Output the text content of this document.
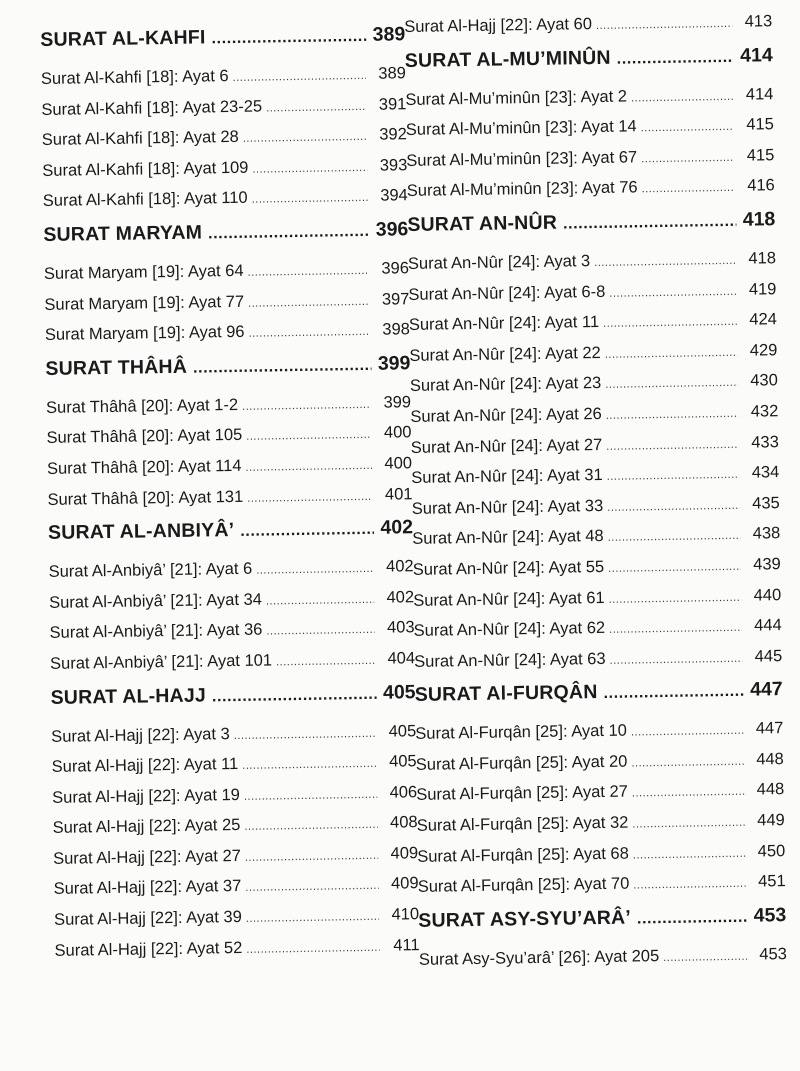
SURAT AL-KAHFI .....	389
Surat Al-Kahfi [18]: Ayat 6 .....	389
Surat Al-Kahfi [18]: Ayat 23-25 .....	391
Surat Al-Kahfi [18]: Ayat 28 .....	392
Surat Al-Kahfi [18]: Ayat 109 .....	393
Surat Al-Kahfi [18]: Ayat 110 .....	394
SURAT MARYAM .....	396
Surat Maryam [19]: Ayat 64 .....	396
Surat Maryam [19]: Ayat 77 .....	397
Surat Maryam [19]: Ayat 96 .....	398
SURAT THÂHÂ .....	399
Surat Thâhâ [20]: Ayat 1-2 .....	399
Surat Thâhâ [20]: Ayat 105 .....	400
Surat Thâhâ [20]: Ayat 114 .....	400
Surat Thâhâ [20]: Ayat 131 .....	401
SURAT AL-ANBIYÂ’ .....	402
Surat Al-Anbiyâ’ [21]: Ayat 6 .....	402
Surat Al-Anbiyâ’ [21]: Ayat 34 .....	402
Surat Al-Anbiyâ’ [21]: Ayat 36 .....	403
Surat Al-Anbiyâ’ [21]: Ayat 101 .....	404
SURAT AL-HAJJ .....	405
Surat Al-Hajj [22]: Ayat 3 .....	405
Surat Al-Hajj [22]: Ayat 11 .....	405
Surat Al-Hajj [22]: Ayat 19 .....	406
Surat Al-Hajj [22]: Ayat 25 .....	408
Surat Al-Hajj [22]: Ayat 27 .....	409
Surat Al-Hajj [22]: Ayat 37 .....	409
Surat Al-Hajj [22]: Ayat 39 .....	410
Surat Al-Hajj [22]: Ayat 52 .....	411
Surat Al-Hajj [22]: Ayat 60 .....	413
SURAT AL-MU’MINÛN .....	414
Surat Al-Mu’minûn [23]: Ayat 2 .....	414
Surat Al-Mu’minûn [23]: Ayat 14 .....	415
Surat Al-Mu’minûn [23]: Ayat 67 .....	415
Surat Al-Mu’minûn [23]: Ayat 76 .....	416
SURAT AN-NÛR .....	418
Surat An-Nûr [24]: Ayat 3 .....	418
Surat An-Nûr [24]: Ayat 6-8 .....	419
Surat An-Nûr [24]: Ayat 11 .....	424
Surat An-Nûr [24]: Ayat 22 .....	429
Surat An-Nûr [24]: Ayat 23 .....	430
Surat An-Nûr [24]: Ayat 26 .....	432
Surat An-Nûr [24]: Ayat 27 .....	433
Surat An-Nûr [24]: Ayat 31 .....	434
Surat An-Nûr [24]: Ayat 33 .....	435
Surat An-Nûr [24]: Ayat 48 .....	438
Surat An-Nûr [24]: Ayat 55 .....	439
Surat An-Nûr [24]: Ayat 61 .....	440
Surat An-Nûr [24]: Ayat 62 .....	444
Surat An-Nûr [24]: Ayat 63 .....	445
SURAT Al-FURQÂN .....	447
Surat Al-Furqân [25]: Ayat 10 .....	447
Surat Al-Furqân [25]: Ayat 20 .....	448
Surat Al-Furqân [25]: Ayat 27 .....	448
Surat Al-Furqân [25]: Ayat 32 .....	449
Surat Al-Furqân [25]: Ayat 68 .....	450
Surat Al-Furqân [25]: Ayat 70 .....	451
SURAT ASY-SYU’ARÂ’ .....	453
Surat Asy-Syu’arâ’ [26]: Ayat 205 .....	453
